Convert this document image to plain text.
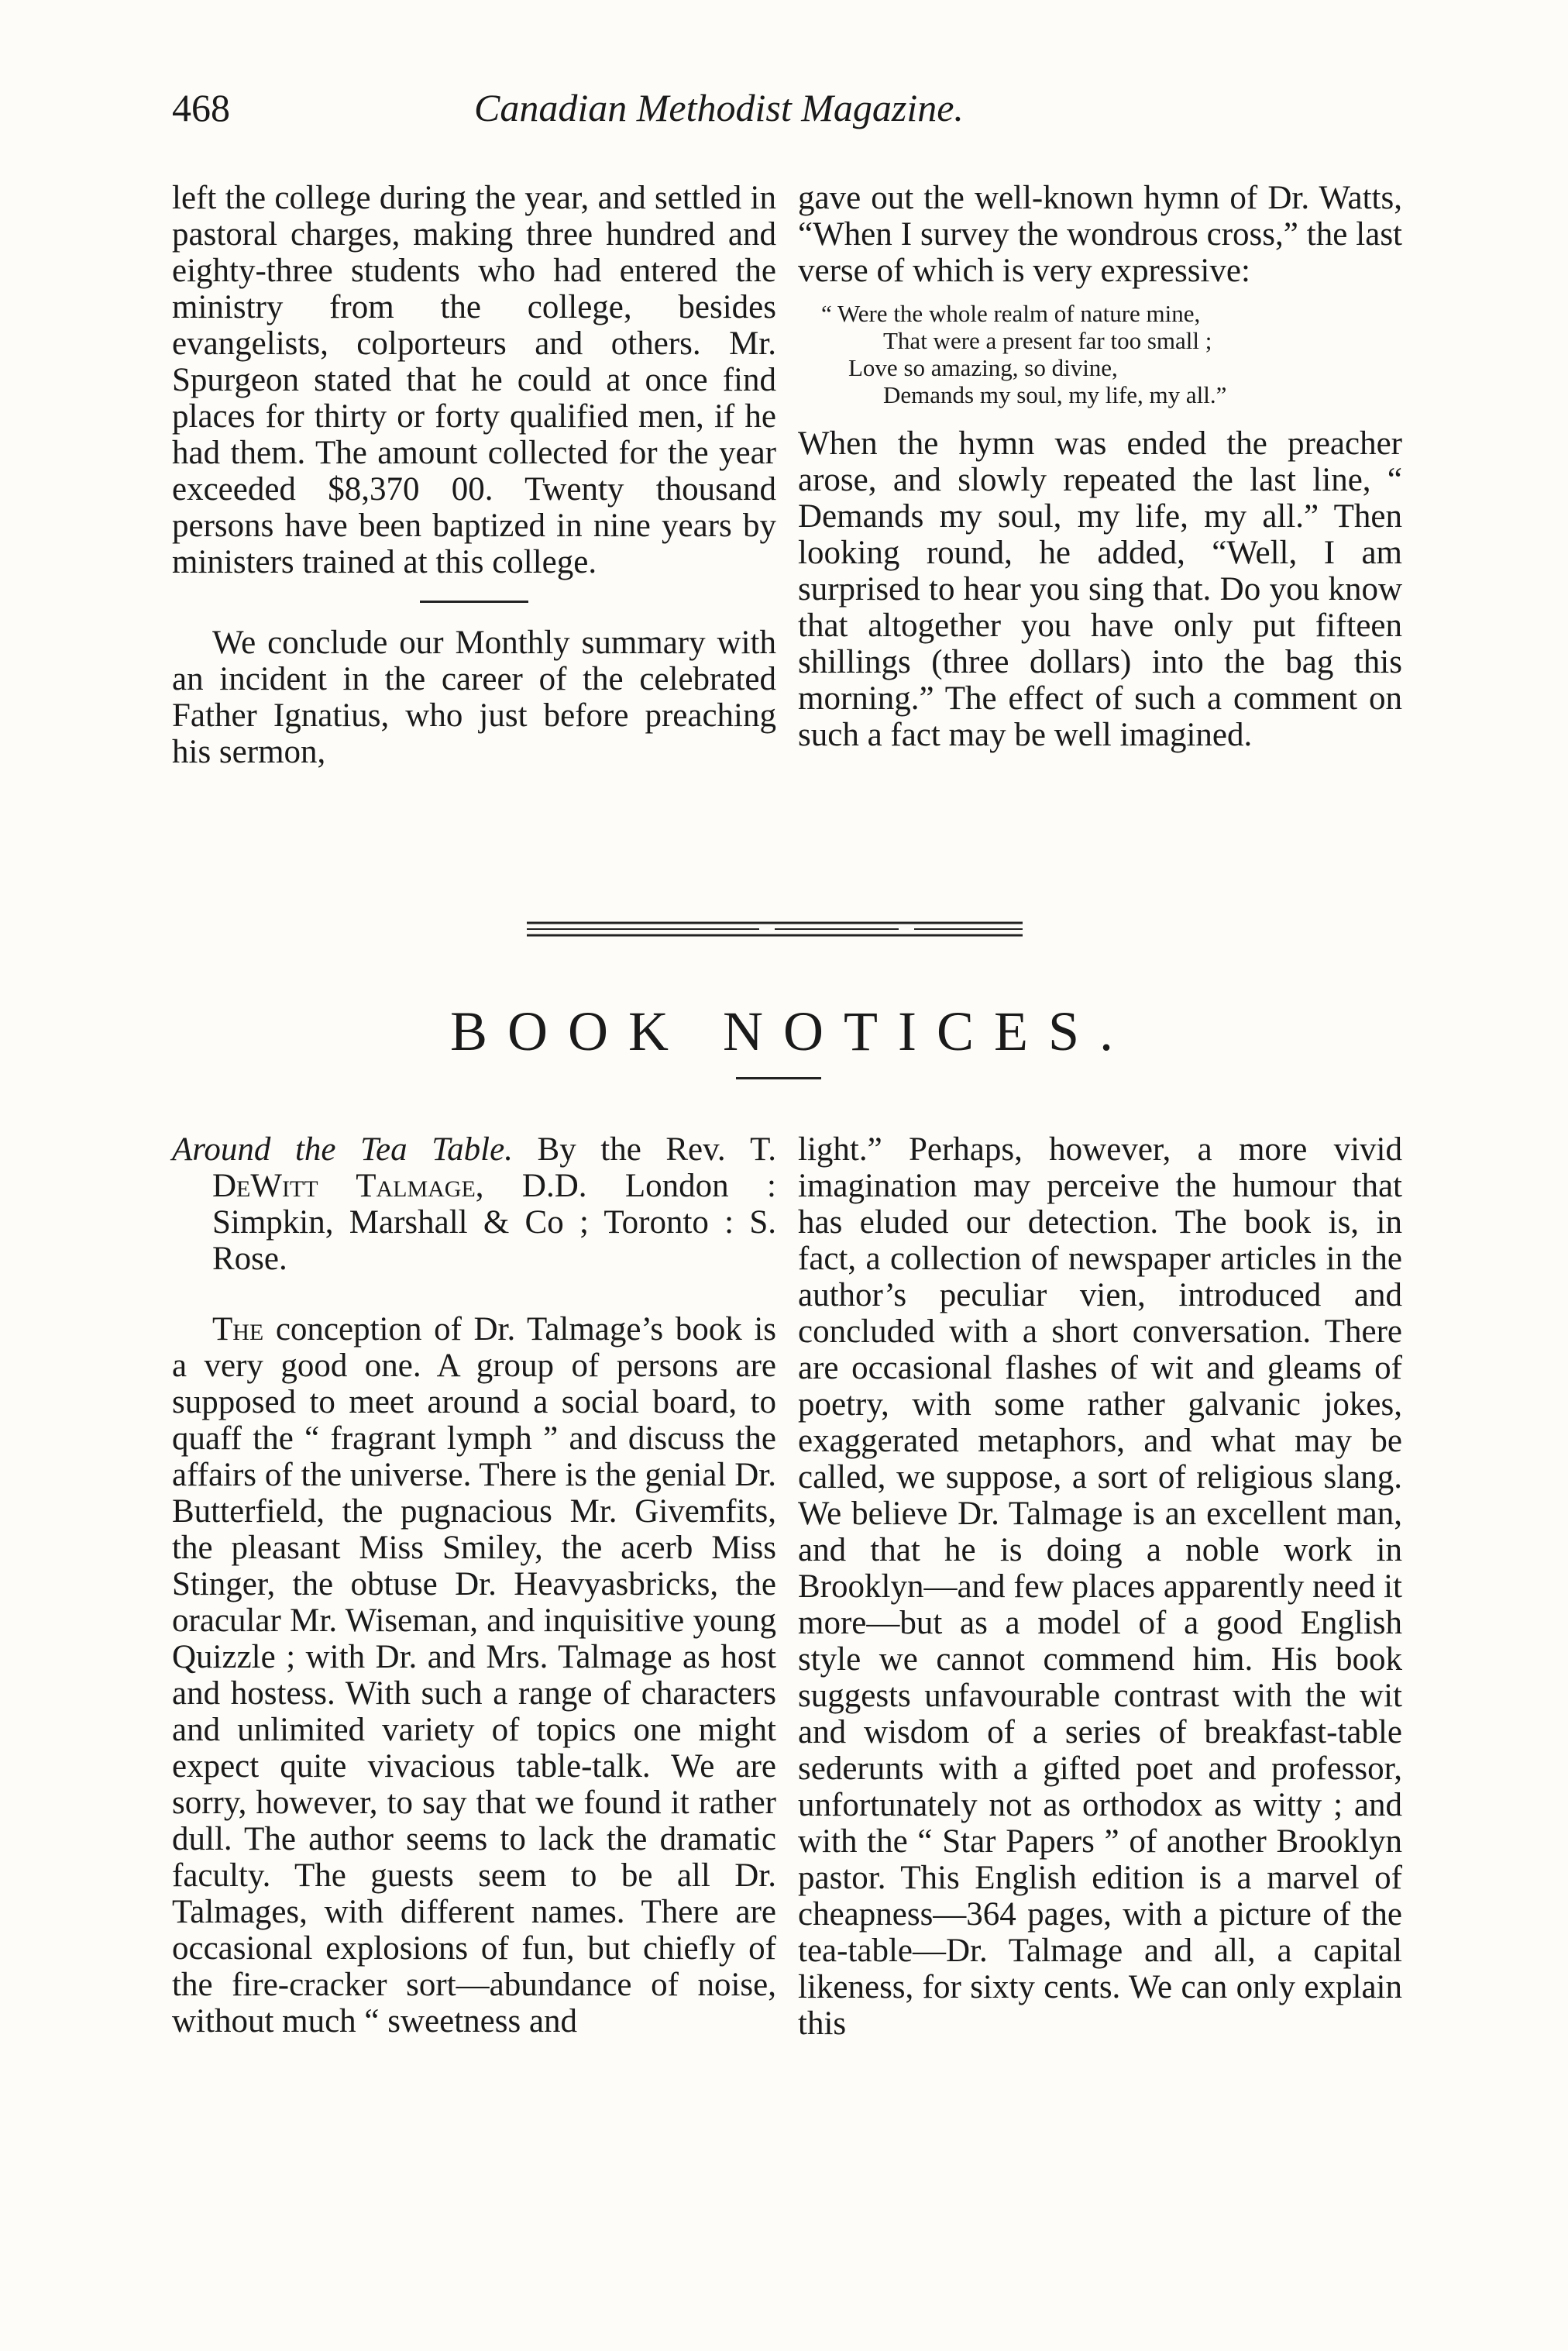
468	Canadian Methodist Magazine.

left the college during the year, and settled in pastoral charges, making three hundred and eighty-three students who had entered the ministry from the college, besides evangelists, colporteurs and others. Mr. Spurgeon stated that he could at once find places for thirty or forty qualified men, if he had them. The amount collected for the year exceeded $8,370 00. Twenty thousand persons have been baptized in nine years by ministers trained at this college.

We conclude our Monthly summary with an incident in the career of the celebrated Father Ignatius, who just before preaching his sermon,

gave out the well-known hymn of Dr. Watts, “When I survey the wondrous cross,” the last verse of which is very expressive:

“ Were the whole realm of nature mine,
That were a present far too small ;
Love so amazing, so divine,
Demands my soul, my life, my all.”

When the hymn was ended the preacher arose, and slowly repeated the last line, “ Demands my soul, my life, my all.” Then looking round, he added, “Well, I am surprised to hear you sing that. Do you know that altogether you have only put fifteen shillings (three dollars) into the bag this morning.” The effect of such a comment on such a fact may be well imagined.

BOOK NOTICES.

Around the Tea Table. By the Rev. T. DeWitt Talmage, D.D. London : Simpkin, Marshall & Co ; Toronto : S. Rose.

The conception of Dr. Talmage’s book is a very good one. A group of persons are supposed to meet around a social board, to quaff the “ fragrant lymph ” and discuss the affairs of the universe. There is the genial Dr. Butterfield, the pugnacious Mr. Givemfits, the pleasant Miss Smiley, the acerb Miss Stinger, the obtuse Dr. Heavyasbricks, the oracular Mr. Wiseman, and inquisitive young Quizzle ; with Dr. and Mrs. Talmage as host and hostess. With such a range of characters and unlimited variety of topics one might expect quite vivacious table-talk. We are sorry, however, to say that we found it rather dull. The author seems to lack the dramatic faculty. The guests seem to be all Dr. Talmages, with different names. There are occasional explosions of fun, but chiefly of the fire-cracker sort—abundance of noise, without much “ sweetness and

light.” Perhaps, however, a more vivid imagination may perceive the humour that has eluded our detection. The book is, in fact, a collection of newspaper articles in the author’s peculiar vien, introduced and concluded with a short conversation. There are occasional flashes of wit and gleams of poetry, with some rather galvanic jokes, exaggerated metaphors, and what may be called, we suppose, a sort of religious slang. We believe Dr. Talmage is an excellent man, and that he is doing a noble work in Brooklyn—and few places apparently need it more—but as a model of a good English style we cannot commend him. His book suggests unfavourable contrast with the wit and wisdom of a series of breakfast-table sederunts with a gifted poet and professor, unfortunately not as orthodox as witty ; and with the “ Star Papers ” of another Brooklyn pastor. This English edition is a marvel of cheapness—364 pages, with a picture of the tea-table—Dr. Talmage and all, a capital likeness, for sixty cents. We can only explain this
